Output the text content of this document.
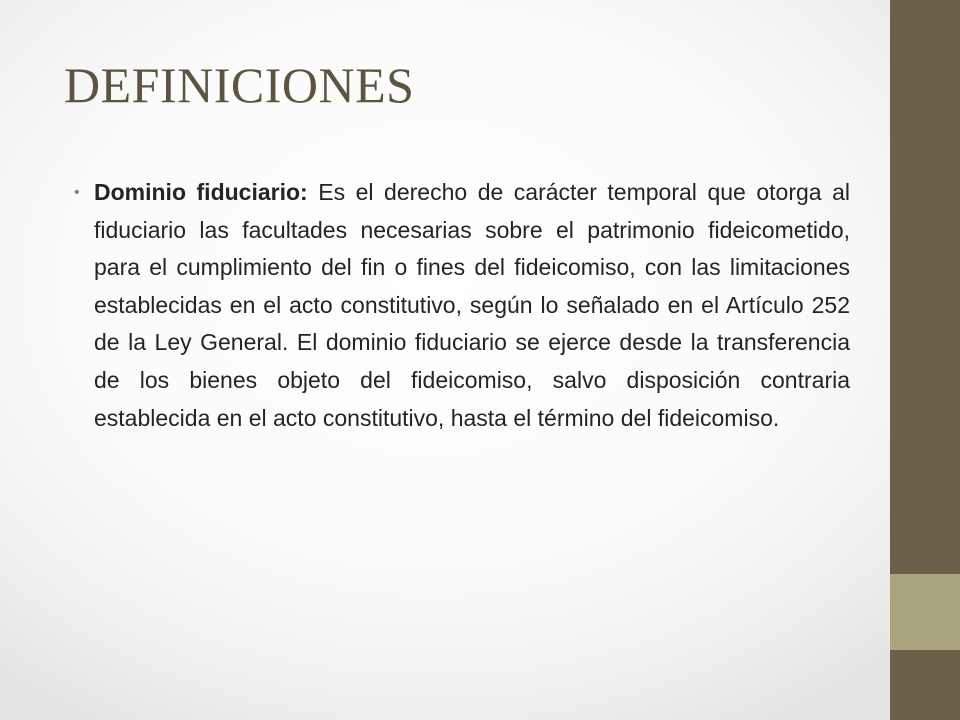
DEFINICIONES
• Dominio fiduciario: Es el derecho de carácter temporal que otorga al fiduciario las facultades necesarias sobre el patrimonio fideicometido, para el cumplimiento del fin o fines del fideicomiso, con las limitaciones establecidas en el acto constitutivo, según lo señalado en el Artículo 252 de la Ley General. El dominio fiduciario se ejerce desde la transferencia de los bienes objeto del fideicomiso, salvo disposición contraria establecida en el acto constitutivo, hasta el término del fideicomiso.
